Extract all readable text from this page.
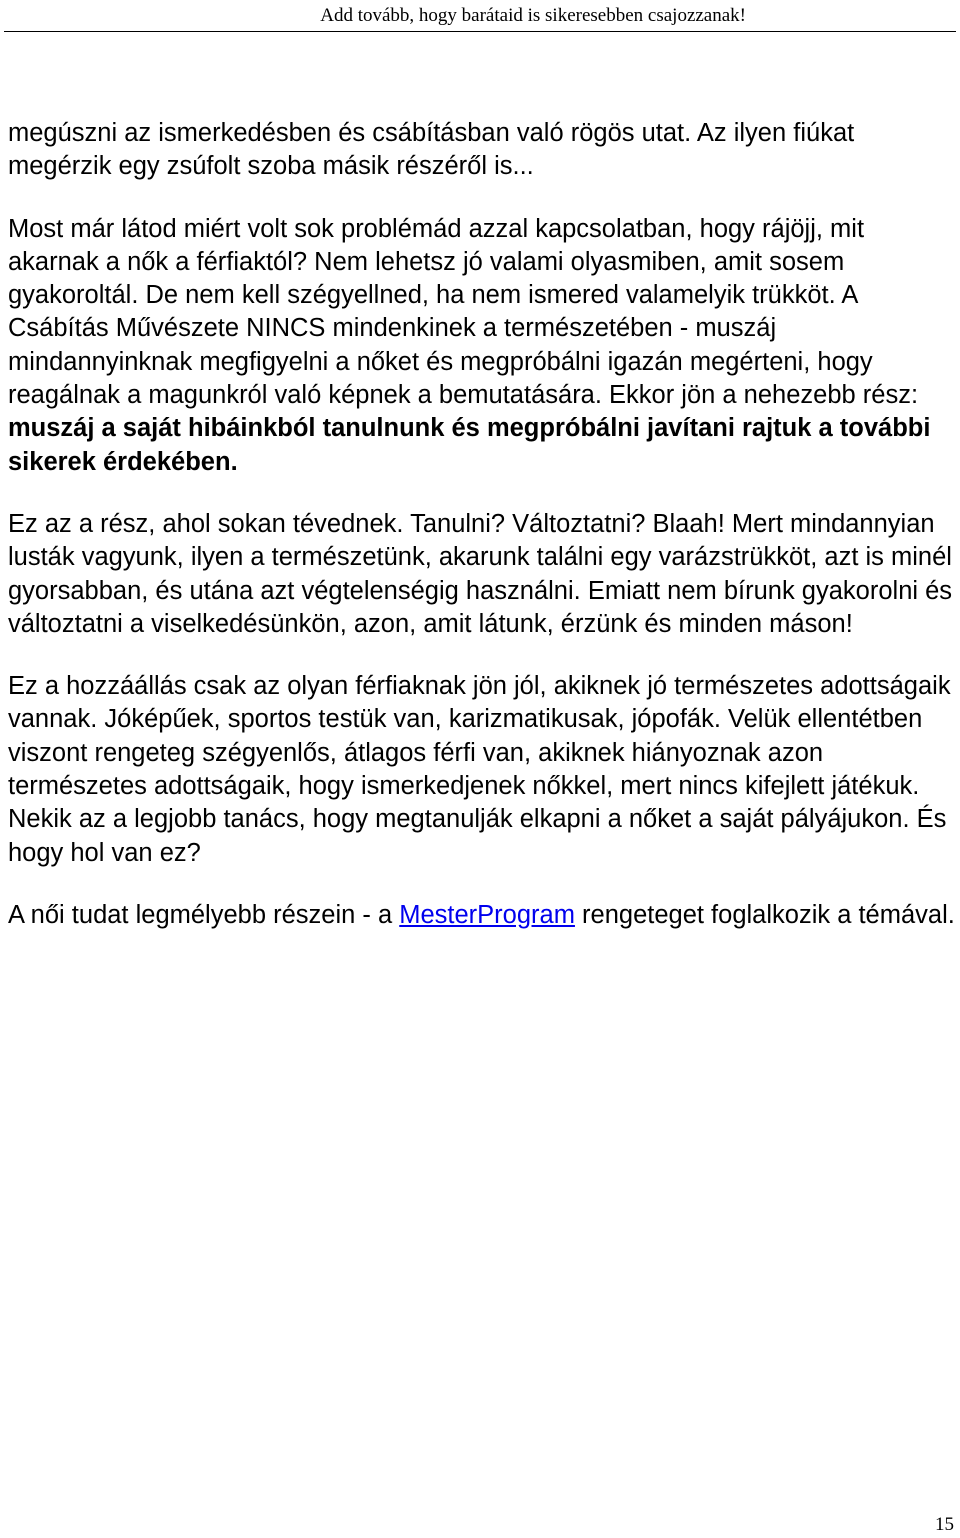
Add tovább, hogy barátaid is sikeresebben csajozzanak!

megúszni az ismerkedésben és csábításban való rögös utat. Az ilyen fiúkat megérzik egy zsúfolt szoba másik részéről is...

Most már látod miért volt sok problémád azzal kapcsolatban, hogy rájöjj, mit akarnak a nők a férfiaktól? Nem lehetsz jó valami olyasmiben, amit sosem gyakoroltál. De nem kell szégyellned, ha nem ismered valamelyik trükköt. A Csábítás Művészete NINCS mindenkinek a természetében - muszáj mindannyinknak megfigyelni a nőket és megpróbálni igazán megérteni, hogy reagálnak a magunkról való képnek a bemutatására. Ekkor jön a nehezebb rész: muszáj a saját hibáinkból tanulnunk és megpróbálni javítani rajtuk a további sikerek érdekében.

Ez az a rész, ahol sokan tévednek. Tanulni? Változtatni? Blaah! Mert mindannyian lusták vagyunk, ilyen a természetünk, akarunk találni egy varázstrükköt, azt is minél gyorsabban, és utána azt végtelenségig használni. Emiatt nem bírunk gyakorolni és változtatni a viselkedésünkön, azon, amit látunk, érzünk és minden máson!

Ez a hozzáállás csak az olyan férfiaknak jön jól, akiknek jó természetes adottságaik vannak. Jóképűek, sportos testük van, karizmatikusak, jópofák. Velük ellentétben viszont rengeteg szégyenlős, átlagos férfi van, akiknek hiányoznak azon természetes adottságaik, hogy ismerkedjenek nőkkel, mert nincs kifejlett játékuk. Nekik az a legjobb tanács, hogy megtanulják elkapni a nőket a saját pályájukon. És hogy hol van ez?

A női tudat legmélyebb részein - a MesterProgram rengeteget foglalkozik a témával.

15
